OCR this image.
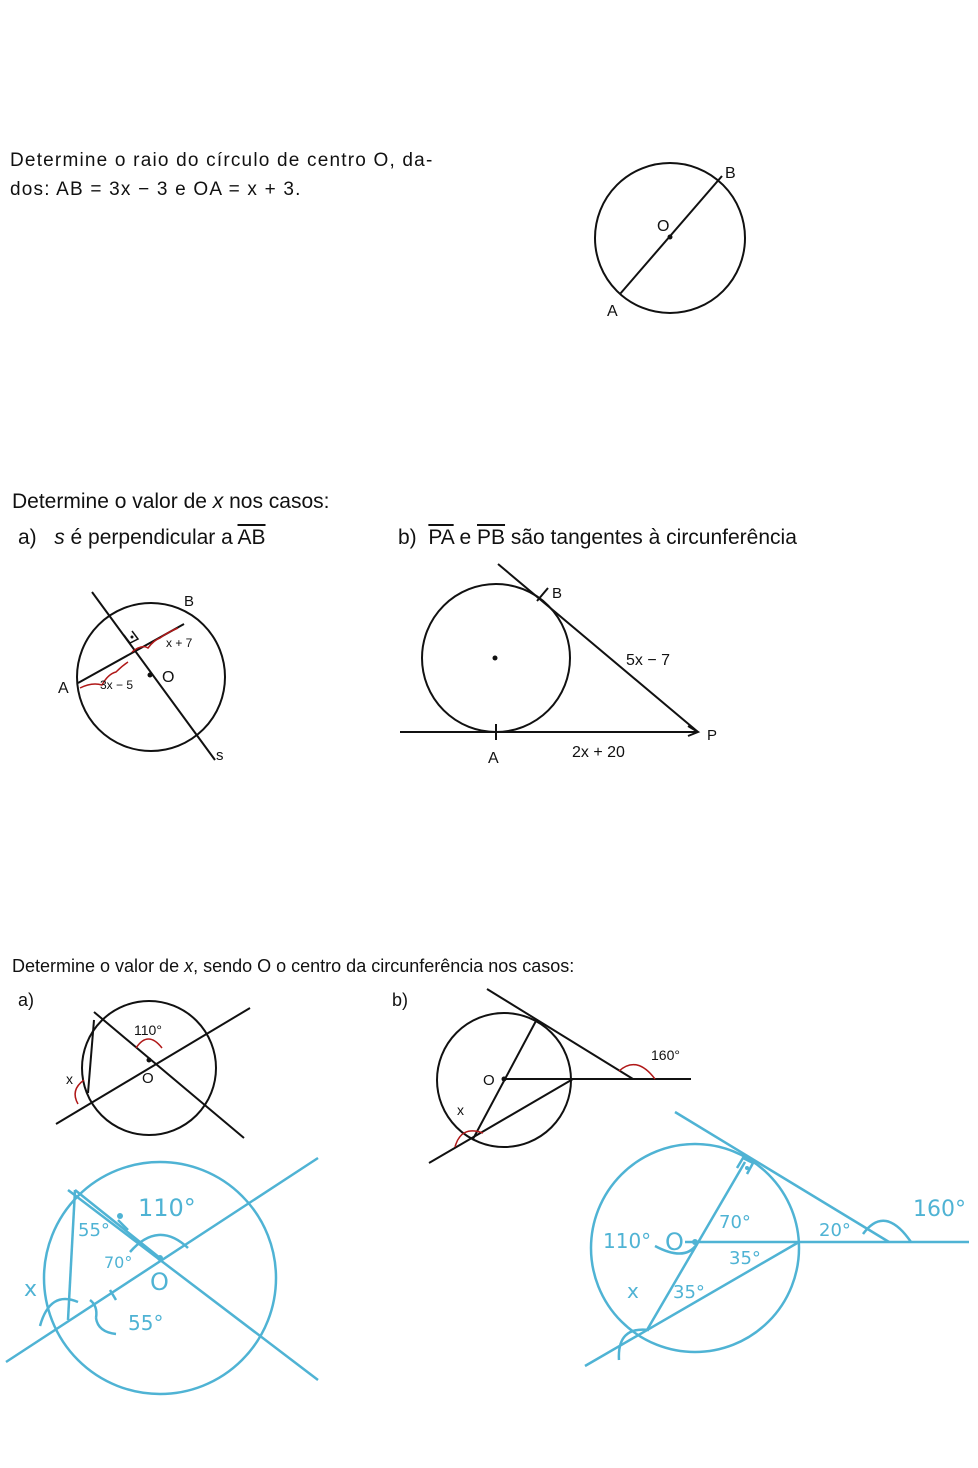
Determine o raio do círculo de centro O, da-
dos: AB = 3x − 3 e OA = x + 3.
O
A
B
Determine o valor de x nos casos:
a) s é perpendicular a $\overline{AB}$	b) $\overline{PA}$ e $\overline{PB}$ são tangentes à circunferência
B
A
O
s
x + 7
3x − 5
B
A
P
5x − 7
2x + 20
Determine o valor de x, sendo O o centro da circunferência nos casos:
a)	b)
110°
O
x
160°
O
x
110°
55°
70°
O
x
55°
160°
110° O
70°	20°
35°
35°
x
